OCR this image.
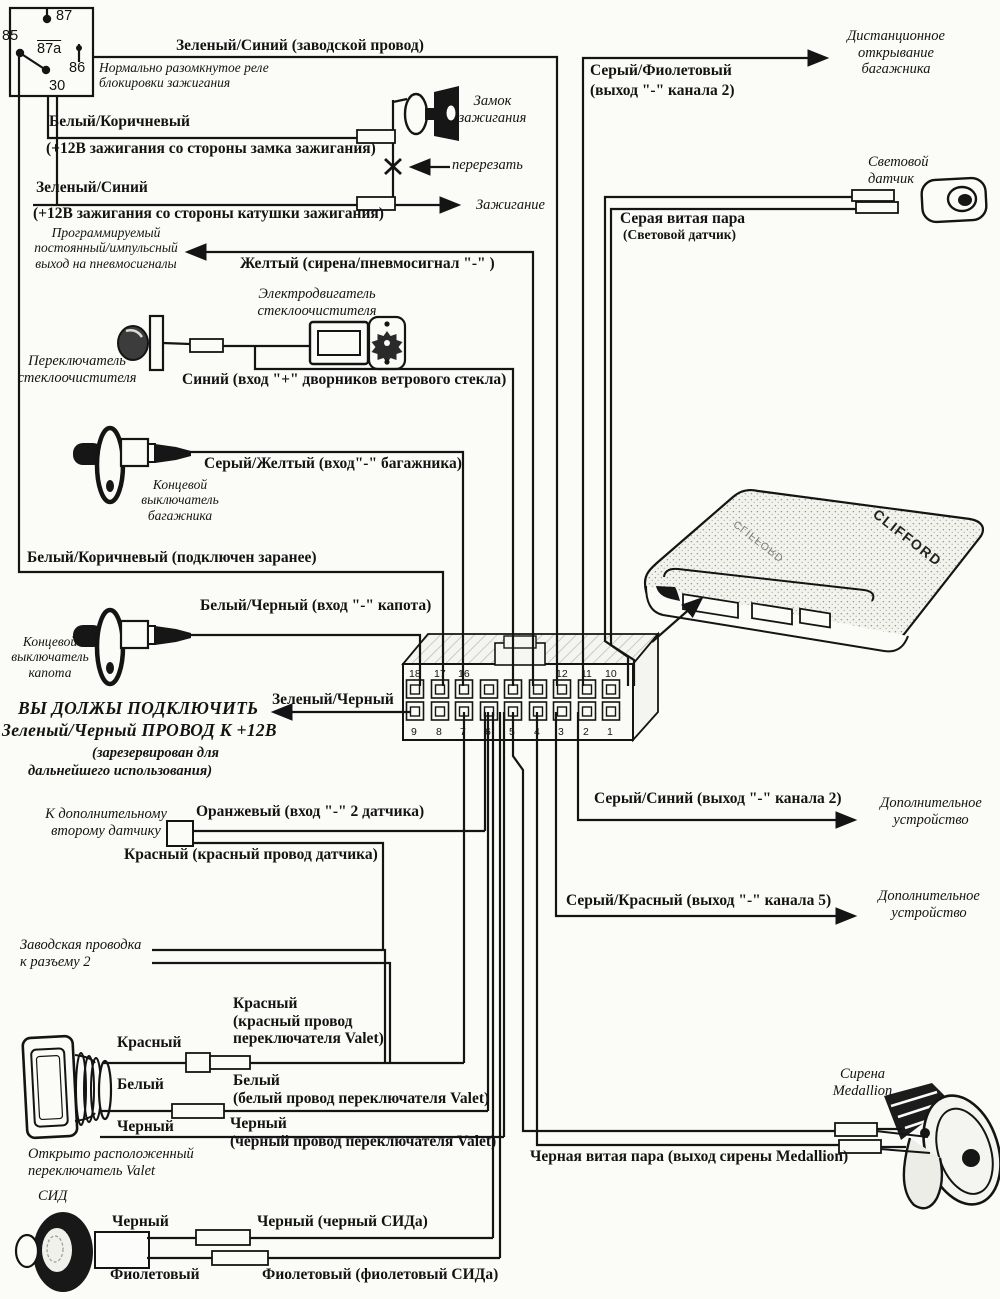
CLIFFORD
CLIFFORD
18
9
17
8
16
7 6 5 4
12
3
11
2
10
1
Зеленый/Синий (заводской провод)
Нормально разомкнутое реле
блокировки зажигания
Белый/Коричневый
(+12В зажигания со стороны замка зажигания)
Замок
зажигания
перерезать
Зеленый/Синий
(+12В зажигания со стороны катушки зажигания)	Зажигание
Дистанционное
открывание
багажника
Серый/Фиолетовый
(выход "-" канала 2)
Световой
датчик
Серая витая пара
(Световой датчик)
Программируемый
постоянный/импульсный
выход на пневмосигналы	Желтый (сирена/пневмосигнал "-" )
Электродвигатель
стеклоочистителя
Переключатель
стеклоочистителя	Синий (вход "+" дворников ветрового стекла)
Серый/Желтый (вход"-" багажника)
Концевой
выключатель
багажника
Белый/Коричневый (подключен заранее)
Белый/Черный (вход "-" капота)
Концевой
выключатель
капота
ВЫ ДОЛЖЫ ПОДКЛЮЧИТЬ
Зеленый/Черный ПРОВОД К +12В
(зарезервирован для
дальнейшего использования)
Зеленый/Черный
К дополнительному
второму датчику
Оранжевый (вход "-" 2 датчика)
Красный (красный провод датчика)
Серый/Синий (выход "-" канала 2)	Дополнительное
устройство
Серый/Красный (выход "-" канала 5)	Дополнительное
устройство
Заводская проводка
к разъему 2
Красный
(красный провод
переключателя Valet)
Красный
Белый	Белый
(белый провод переключателя Valet)
Черный	Черный
(черный провод переключателя Valet)
Открыто расположенный
переключатель Valet
СИД
Черный	Черный (черный СИДа)
Фиолетовый	Фиолетовый (фиолетовый СИДа)
Сирена
Medallion
Черная витая пара (выход сирены Medallion)
87
85
87a
86
30
